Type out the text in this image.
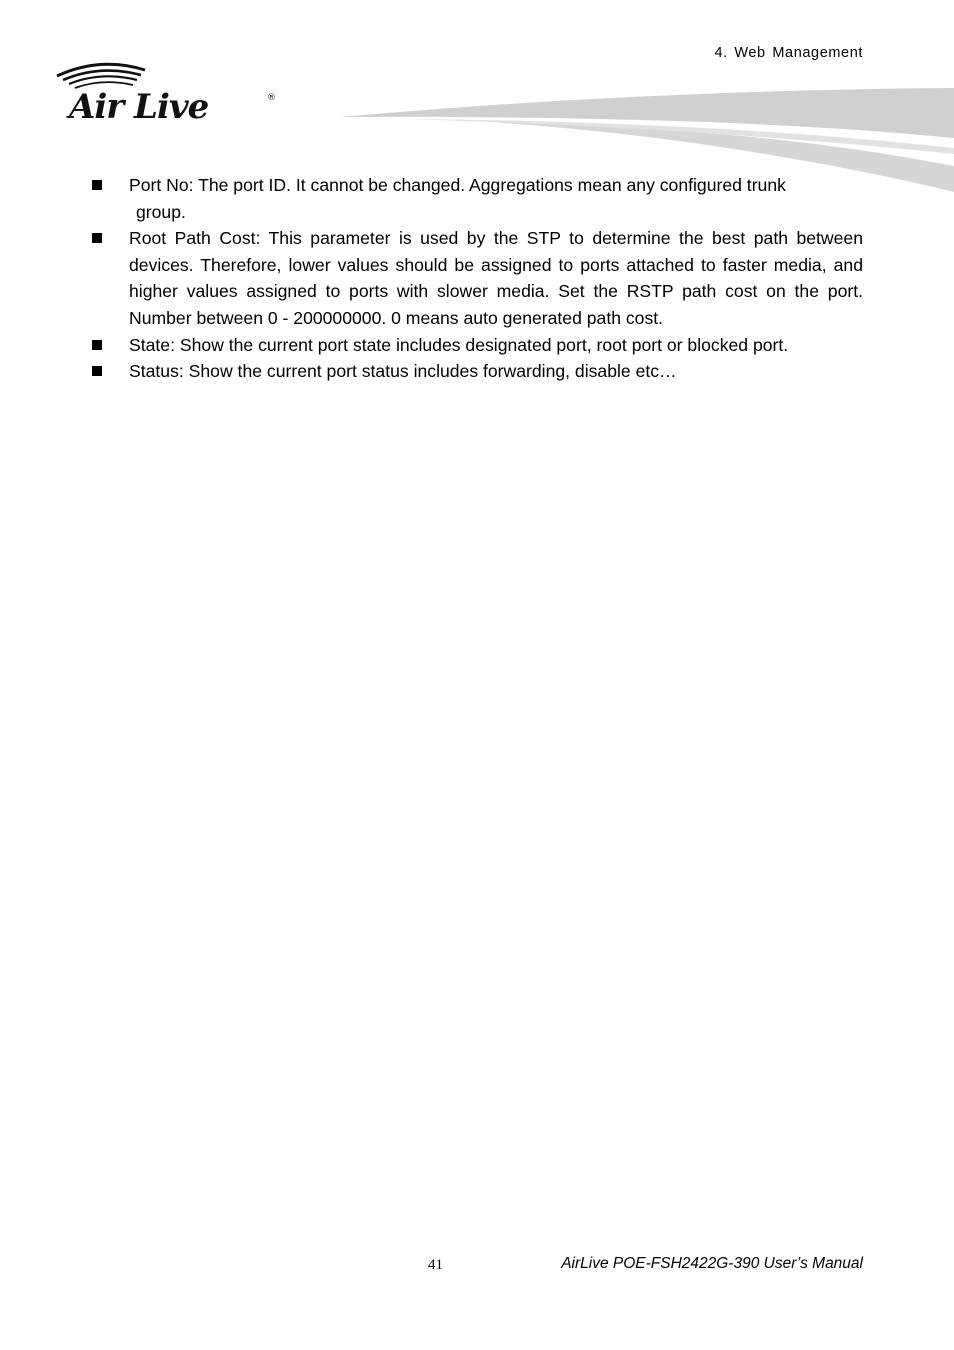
4. Web Management
Air Live	®
Port No: The port ID. It cannot be changed. Aggregations mean any configured trunk
group.
Root Path Cost: This parameter is used by the STP to determine the best path between devices. Therefore, lower values should be assigned to ports attached to faster media, and higher values assigned to ports with slower media. Set the RSTP path cost on the port. Number between 0 - 200000000. 0 means auto generated path cost.
State: Show the current port state includes designated port, root port or blocked port.
Status: Show the current port status includes forwarding, disable etc…
41	AirLive POE-FSH2422G-390 User’s Manual
